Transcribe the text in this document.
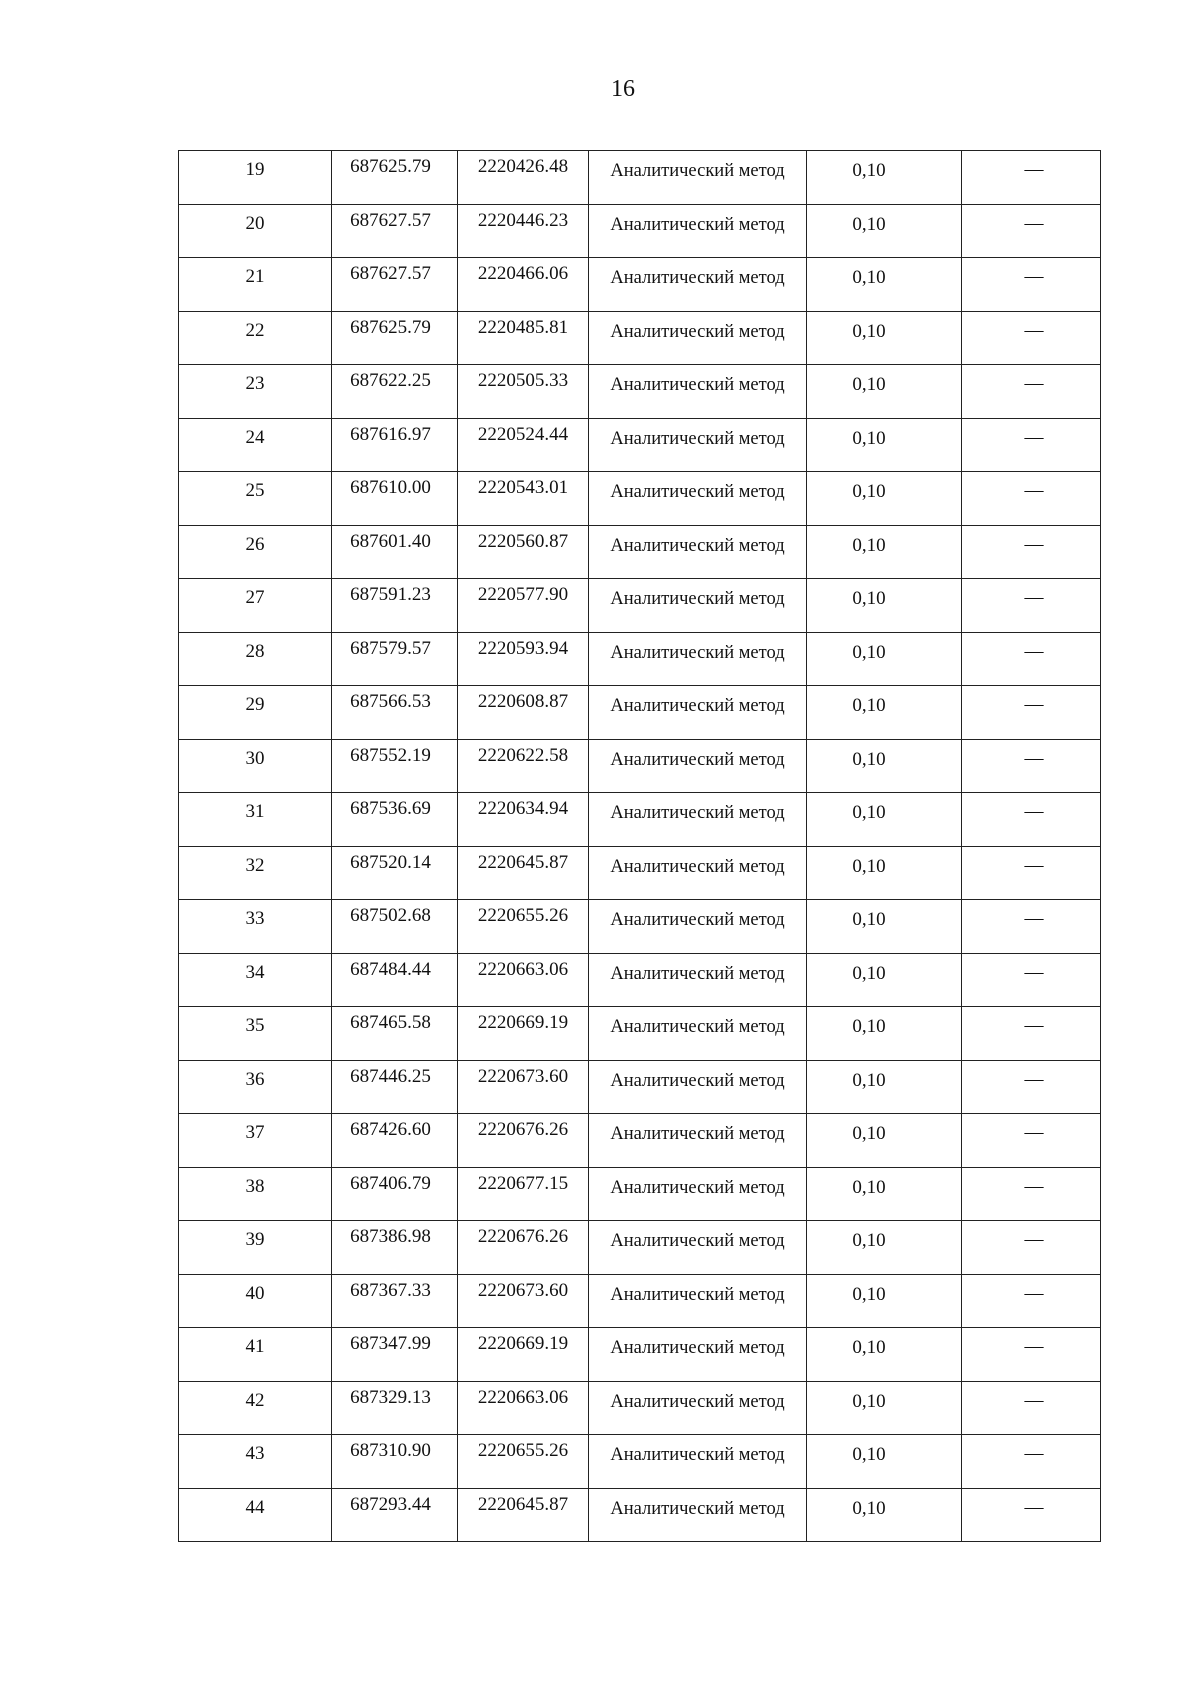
16
19	687625.79	2220426.48	Аналитический метод	0,10	—

20	687627.57	2220446.23	Аналитический метод	0,10	—

21	687627.57	2220466.06	Аналитический метод	0,10	—

22	687625.79	2220485.81	Аналитический метод	0,10	—

23	687622.25	2220505.33	Аналитический метод	0,10	—

24	687616.97	2220524.44	Аналитический метод	0,10	—

25	687610.00	2220543.01	Аналитический метод	0,10	—

26	687601.40	2220560.87	Аналитический метод	0,10	—

27	687591.23	2220577.90	Аналитический метод	0,10	—

28	687579.57	2220593.94	Аналитический метод	0,10	—

29	687566.53	2220608.87	Аналитический метод	0,10	—

30	687552.19	2220622.58	Аналитический метод	0,10	—

31	687536.69	2220634.94	Аналитический метод	0,10	—

32	687520.14	2220645.87	Аналитический метод	0,10	—

33	687502.68	2220655.26	Аналитический метод	0,10	—

34	687484.44	2220663.06	Аналитический метод	0,10	—

35	687465.58	2220669.19	Аналитический метод	0,10	—

36	687446.25	2220673.60	Аналитический метод	0,10	—

37	687426.60	2220676.26	Аналитический метод	0,10	—

38	687406.79	2220677.15	Аналитический метод	0,10	—

39	687386.98	2220676.26	Аналитический метод	0,10	—

40	687367.33	2220673.60	Аналитический метод	0,10	—

41	687347.99	2220669.19	Аналитический метод	0,10	—

42	687329.13	2220663.06	Аналитический метод	0,10	—

43	687310.90	2220655.26	Аналитический метод	0,10	—

44	687293.44	2220645.87	Аналитический метод	0,10	—
